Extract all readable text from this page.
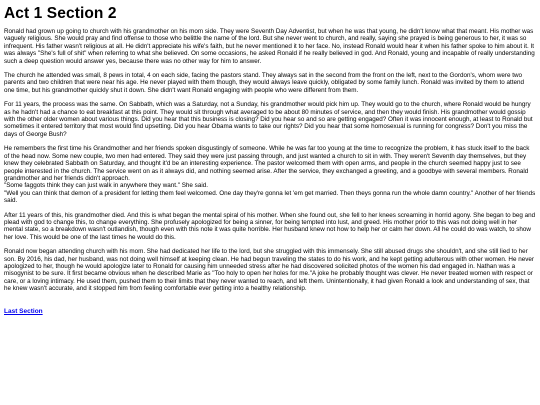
Act 1 Section 2

Ronald had grown up going to church with his grandmother on his mom side. They were Seventh Day Adventist, but when he was that young, he didn't know what that meant. His mother was vaguely religious. She would pray and find offense to those who belittle the name of the lord. But she never went to church, and really, saying she prayed is being generous to her, it was so infrequent. His father wasn't religious at all. He didn't appreciate his wife's faith, but he never mentioned it to her face. No, instead Ronald would hear it when his father spoke to him about it. It was always "She's full of shit" when referring to what she believed. On some occasions, he asked Ronald if he really believed in god. And Ronald, young and incapable of really understanding such a deep question would answer yes, because there was no other way for him to answer.

The church he attended was small, 8 pews in total, 4 on each side, facing the pastors stand. They always sat in the second from the front on the left, next to the Gordon's, whom were two parents and two children that were near his age. He never played with them though, they would always leave quickly, obligated by some family lunch. Ronald was invited by them to attend one time, but his grandmother quickly shut it down. She didn't want Ronald engaging with people who were different from them.

For 11 years, the process was the same. On Sabbath, which was a Saturday, not a Sunday, his grandmother would pick him up. They would go to the church, where Ronald would be hungry as he hadn't had a chance to eat breakfast at this point. They would sit through what averaged to be about 80 minutes of service, and then they would finish. His grandmother would gossip with the other older women about various things. Did you hear that this business is closing? Did you hear so and so are getting engaged? Often it was innocent enough, at least to Ronald but sometimes it entered territory that most would find upsetting. Did you hear Obama wants to take our rights? Did you hear that some homosexual is running for congress? Don't you miss the days of George Bush?

He remembers the first time his Grandmother and her friends spoken disgustingly of someone. While he was far too young at the time to recognize the problem, it has stuck itself to the back of the head now. Some new couple, two men had entered. They said they were just passing through, and just wanted a church to sit in with. They weren't Seventh day themselves, but they knew they celebrated Sabbath on Saturday, and thought it'd be an interesting experience. The pastor welcomed them with open arms, and people in the church seemed happy just to see people interested in the church. The service went on as it always did, and nothing seemed arise. After the service, they exchanged a greeting, and a goodbye with several members. Ronald grandmother and her friends didn't approach.

"Some faggots think they can just walk in anywhere they want." She said.

"Well you can think that demon of a president for letting them feel welcomed. One day they're gonna let 'em get married. Then theys gonna run the whole damn country." Another of her friends said.

After 11 years of this, his grandmother died. And this is what began the mental spiral of his mother. When she found out, she fell to her knees screaming in horrid agony. She began to beg and plead with god to change this, to change everything. She profusely apologized for being a sinner, for being tempted into lust, and greed. His mother prior to this was not doing well in her mental state, so a breakdown wasn't outlandish, though even with this note it was quite horrible. Her husband knew not how to help her or calm her down. All he could do was watch, to show her love. This would be one of the last times he would do this.

Ronald now began attending church with his mom. She had dedicated her life to the lord, but she struggled with this immensely. She still abused drugs she shouldn't, and she still lied to her son. By 2016, his dad, her husband, was not doing well himself at keeping clean. He had begun traveling the states to do his work, and he kept getting adulterous with other women. He never apologized to her, though he would apologize later to Ronald for causing him unneeded stress after he had discovered solicited photos of the women his dad engaged in. Nathan was a misogynist to be sure. It first became obvious when he described Marie as "Too holy to open her holes for me."A joke he probably thought was clever. He never treated women with respect or care, or a loving intimacy. He used them, pushed them to their limits that they never wanted to reach, and left them. Unintentionally, it had given Ronald a look and understanding of sex, that he knew wasn't accurate, and it stopped him from feeling comfortable ever getting into a healthy relationship.

Last Section
